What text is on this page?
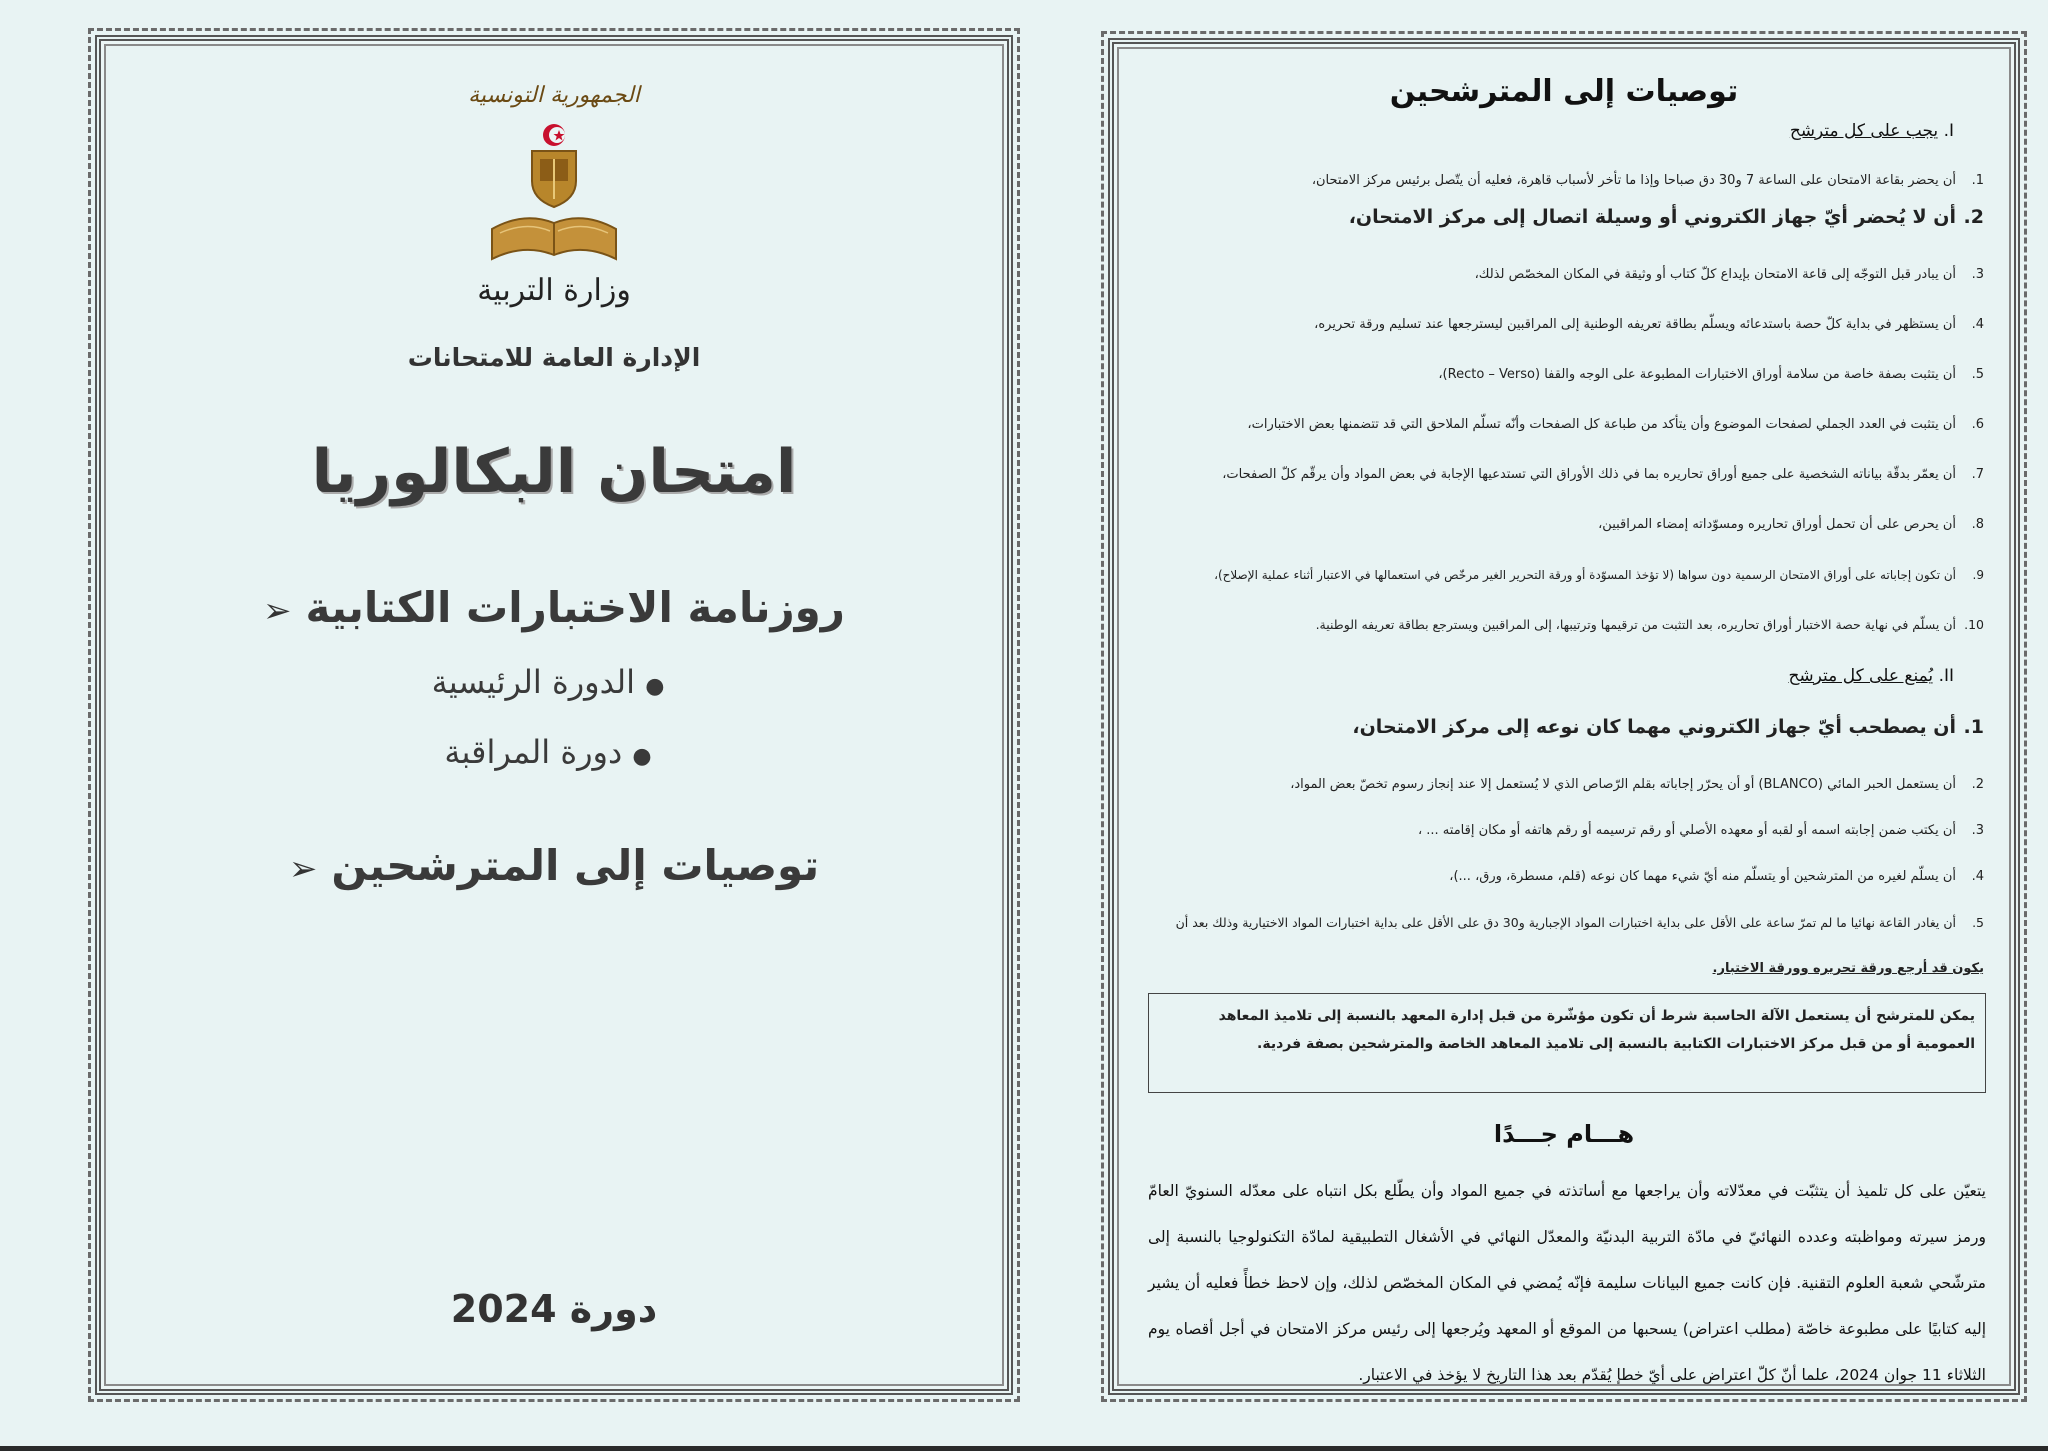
الجمهورية التونسية
وزارة التربية
الإدارة العامة للامتحانات
امتحان البكالوريا
روزنامة الاختبارات الكتابية➢
● الدورة الرئيسية
● دورة المراقبة
توصيات إلى المترشحين➢
دورة 2024
توصيات إلى المترشحين
I. يجب على كل مترشح
1.أن يحضر بقاعة الامتحان على الساعة 7 و30 دق صباحا وإذا ما تأخر لأسباب قاهرة، فعليه أن يتّصل برئيس مركز الامتحان،
2.أن لا يُحضر أيّ جهاز الكتروني أو وسيلة اتصال إلى مركز الامتحان،
3.أن يبادر قبل التوجّه إلى قاعة الامتحان بإيداع كلّ كتاب أو وثيقة في المكان المخصّص لذلك،
4.أن يستظهر في بداية كلّ حصة باستدعائه ويسلّم بطاقة تعريفه الوطنية إلى المراقبين ليسترجعها عند تسليم ورقة تحريره،
5.أن يتثبت بصفة خاصة من سلامة أوراق الاختبارات المطبوعة على الوجه والقفا (Recto – Verso)،
6.أن يتثبت في العدد الجملي لصفحات الموضوع وأن يتأكد من طباعة كل الصفحات وأنّه تسلّم الملاحق التي قد تتضمنها بعض الاختبارات،
7.أن يعمّر بدقّة بياناته الشخصية على جميع أوراق تحاريره بما في ذلك الأوراق التي تستدعيها الإجابة في بعض المواد وأن يرقّم كلّ الصفحات،
8.أن يحرص على أن تحمل أوراق تحاريره ومسوّداته إمضاء المراقبين،
9.أن تكون إجاباته على أوراق الامتحان الرسمية دون سواها (لا تؤخذ المسوّدة أو ورقة التحرير الغير مرخّص في استعمالها في الاعتبار أثناء عملية الإصلاح)،
10.أن يسلّم في نهاية حصة الاختبار أوراق تحاريره، بعد التثبت من ترقيمها وترتيبها، إلى المراقبين ويسترجع بطاقة تعريفه الوطنية.
II. يُمنع على كل مترشح
1.أن يصطحب أيّ جهاز الكتروني مهما كان نوعه إلى مركز الامتحان،
2.أن يستعمل الحبر المائي (BLANCO) أو أن يحرّر إجاباته بقلم الرّصاص الذي لا يُستعمل إلا عند إنجاز رسوم تخصّ بعض المواد،
3.أن يكتب ضمن إجابته اسمه أو لقبه أو معهده الأصلي أو رقم ترسيمه أو رقم هاتفه أو مكان إقامته ... ،
4.أن يسلّم لغيره من المترشحين أو يتسلّم منه أيّ شيء مهما كان نوعه (قلم، مسطرة، ورق، ...)،
5.أن يغادر القاعة نهائيا ما لم تمرّ ساعة على الأقل على بداية اختبارات المواد الإجبارية و30 دق على الأقل على بداية اختبارات المواد الاختيارية وذلك بعد أن
يكون قد أرجع ورقة تحريره وورقة الاختبار.
يمكن للمترشح أن يستعمل الآلة الحاسبة شرط أن تكون مؤشّرة من قبل إدارة المعهد بالنسبة إلى تلاميذ المعاهد العمومية أو من قبل مركز الاختبارات الكتابية بالنسبة إلى تلاميذ المعاهد الخاصة والمترشحين بصفة فردية.
هـــام جـــدًا
يتعيّن على كل تلميذ أن يتثبّت في معدّلاته وأن يراجعها مع أساتذته في جميع المواد وأن يطّلع بكل انتباه على معدّله السنويّ العامّ ورمز سيرته ومواظبته وعدده النهائيّ في مادّة التربية البدنيّة والمعدّل النهائي في الأشغال التطبيقية لمادّة التكنولوجيا بالنسبة إلى مترشّحي شعبة العلوم التقنية. فإن كانت جميع البيانات سليمة فإنّه يُمضي في المكان المخصّص لذلك، وإن لاحظ خطأً فعليه أن يشير إليه كتابيًا على مطبوعة خاصّة (مطلب اعتراض) يسحبها من الموقع أو المعهد ويُرجعها إلى رئيس مركز الامتحان في أجل أقصاه يوم الثلاثاء 11 جوان 2024، علما أنّ كلّ اعتراض على أيّ خطإ يُقدّم بعد هذا التاريخ لا يؤخذ في الاعتبار.
